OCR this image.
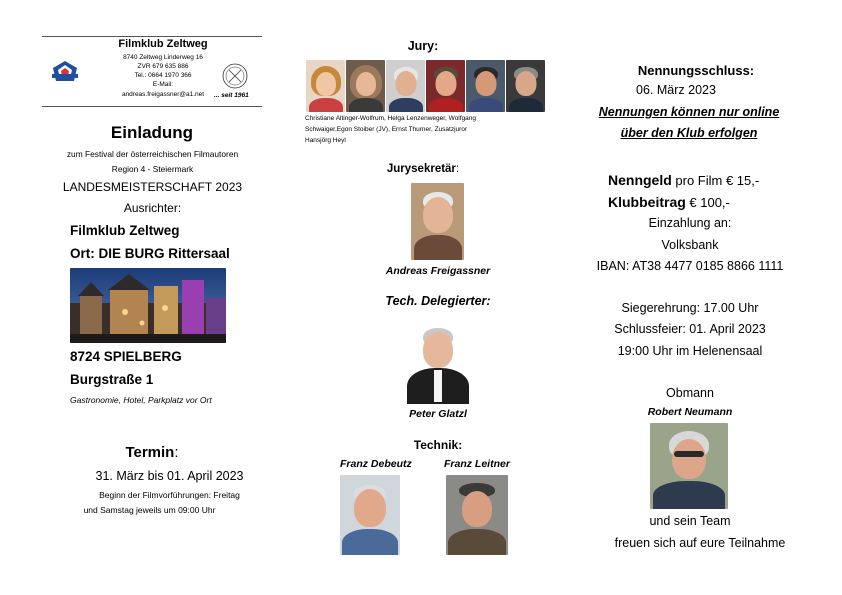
Filmklub Zeltweg
8740 Zeltweg Linderweg 16
ZVR 679 635 886
Tel.: 0664 1970 366
E-Mail:
andreas.freigassner@a1.net	... seit 1961
Einladung
zum Festival der österreichischen Filmautoren
Region 4 - Steiermark
LANDESMEISTERSCHAFT 2023
Ausrichter:
Filmklub Zeltweg
Ort: DIE BURG Rittersaal
8724 SPIELBERG
Burgstraße 1
Gastronomie, Hotel, Parkplatz vor Ort
Termin:
31. März bis 01. April 2023
Beginn der Filmvorführungen: Freitag
und Samstag jeweils um 09:00 Uhr
Jury:
Christiane Altinger-Wolfrum, Helga Lenzenweger, Wolfgang
Schwaiger,Egon Stoiber (JV), Ernst Thurner, Zusatzjuror
Hansjörg Heyl
Jurysekretär:
Andreas Freigassner
Tech. Delegierter:
Peter Glatzl
Technik:
Franz Debeutz	Franz Leitner
Nennungsschluss:
06. März 2023
Nennungen können nur online
über den Klub erfolgen
Nenngeld pro Film € 15,-
Klubbeitrag € 100,-
Einzahlung an:
Volksbank
IBAN: AT38 4477 0185 8866 1111
Siegerehrung: 17.00 Uhr
Schlussfeier: 01. April 2023
19:00 Uhr im Helenensaal
Obmann
Robert Neumann
und sein Team
freuen sich auf eure Teilnahme
